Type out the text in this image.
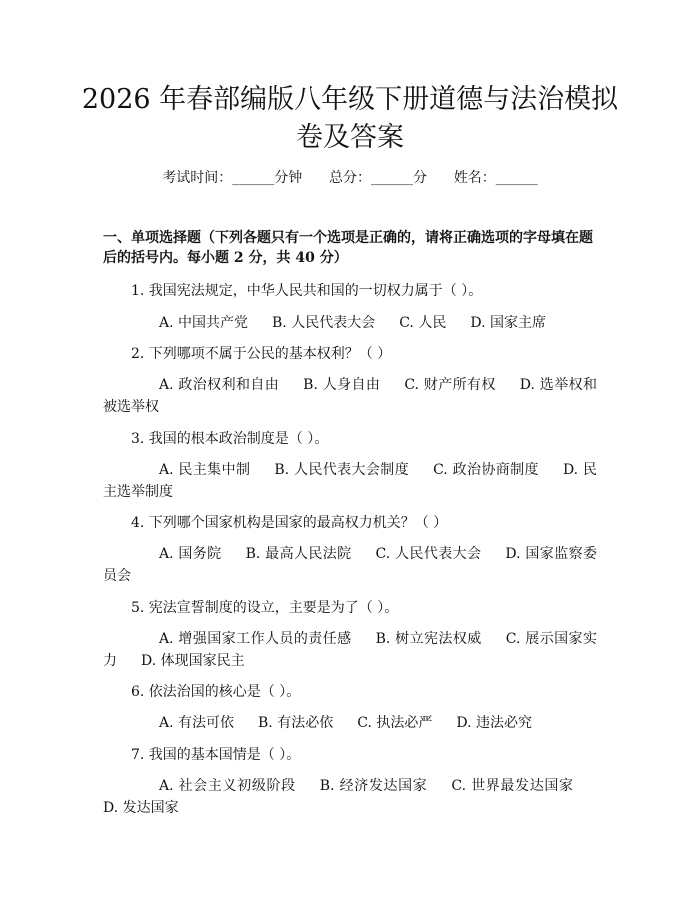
2026 年春部编版八年级下册道德与法治模拟
卷及答案
考试时间：______分钟      总分：______分      姓名：______

一、单项选择题（下列各题只有一个选项是正确的，请将正确选项的字母填在题后的括号内。每小题 2 分，共 40 分）

1. 我国宪法规定，中华人民共和国的一切权力属于（ ）。
A. 中国共产党 B. 人民代表大会 C. 人民 D. 国家主席
2. 下列哪项不属于公民的基本权利？（ ）
A. 政治权利和自由 B. 人身自由 C. 财产所有权 D. 选举权和被选举权
3. 我国的根本政治制度是（ ）。
A. 民主集中制 B. 人民代表大会制度 C. 政治协商制度 D. 民主选举制度
4. 下列哪个国家机构是国家的最高权力机关？（ ）
A. 国务院 B. 最高人民法院 C. 人民代表大会 D. 国家监察委员会
5. 宪法宣誓制度的设立，主要是为了（ ）。
A. 增强国家工作人员的责任感 B. 树立宪法权威 C. 展示国家实力 D. 体现国家民主
6. 依法治国的核心是（ ）。
A. 有法可依 B. 有法必依 C. 执法必严 D. 违法必究
7. 我国的基本国情是（ ）。
A. 社会主义初级阶段 B. 经济发达国家 C. 世界最发达国家D. 发达国家
